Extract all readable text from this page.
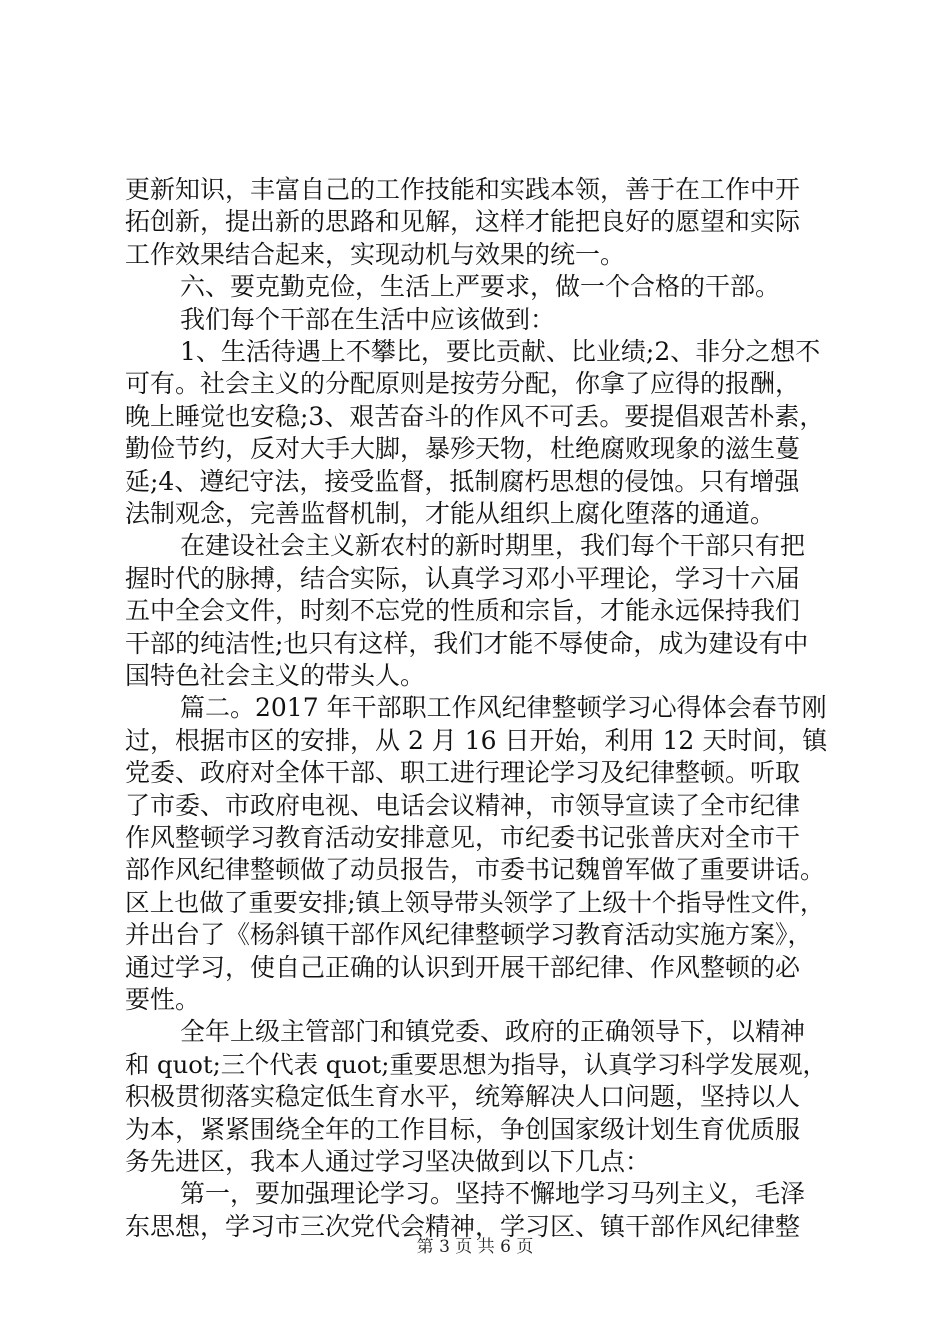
更新知识，丰富自己的工作技能和实践本领，善于在工作中开
拓创新，提出新的思路和见解，这样才能把良好的愿望和实际
工作效果结合起来，实现动机与效果的统一。
六、要克勤克俭，生活上严要求，做一个合格的干部。
我们每个干部在生活中应该做到：
1、生活待遇上不攀比，要比贡献、比业绩;2、非分之想不
可有。社会主义的分配原则是按劳分配，你拿了应得的报酬，
晚上睡觉也安稳;3、艰苦奋斗的作风不可丢。要提倡艰苦朴素，
勤俭节约，反对大手大脚，暴殄天物，杜绝腐败现象的滋生蔓
延;4、遵纪守法，接受监督，抵制腐朽思想的侵蚀。只有增强
法制观念，完善监督机制，才能从组织上腐化堕落的通道。
在建设社会主义新农村的新时期里，我们每个干部只有把
握时代的脉搏，结合实际，认真学习邓小平理论，学习十六届
五中全会文件，时刻不忘党的性质和宗旨，才能永远保持我们
干部的纯洁性;也只有这样，我们才能不辱使命，成为建设有中
国特色社会主义的带头人。
篇二。2017 年干部职工作风纪律整顿学习心得体会春节刚
过，根据市区的安排，从 2 月 16 日开始，利用 12 天时间，镇
党委、政府对全体干部、职工进行理论学习及纪律整顿。听取
了市委、市政府电视、电话会议精神，市领导宣读了全市纪律
作风整顿学习教育活动安排意见，市纪委书记张普庆对全市干
部作风纪律整顿做了动员报告，市委书记魏曾军做了重要讲话。
区上也做了重要安排;镇上领导带头领学了上级十个指导性文件，
并出台了《杨斜镇干部作风纪律整顿学习教育活动实施方案》，
通过学习，使自己正确的认识到开展干部纪律、作风整顿的必
要性。
全年上级主管部门和镇党委、政府的正确领导下，以精神
和 quot;三个代表 quot;重要思想为指导，认真学习科学发展观，
积极贯彻落实稳定低生育水平，统筹解决人口问题，坚持以人
为本，紧紧围绕全年的工作目标，争创国家级计划生育优质服
务先进区，我本人通过学习坚决做到以下几点：
第一，要加强理论学习。坚持不懈地学习马列主义，毛泽
东思想，学习市三次党代会精神，学习区、镇干部作风纪律整
第 3 页 共 6 页
